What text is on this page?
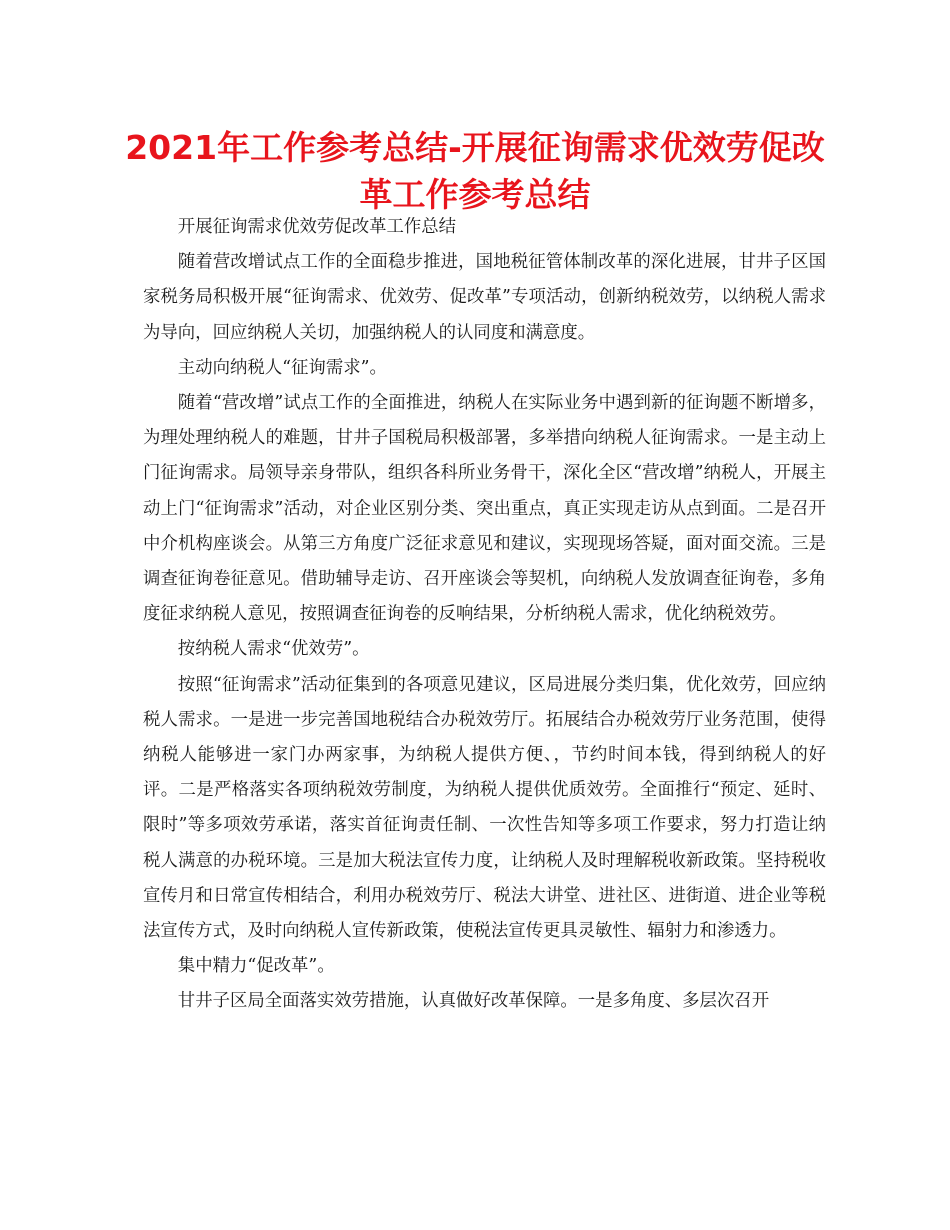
2021年工作参考总结-开展征询需求优效劳促改革工作参考总结

开展征询需求优效劳促改革工作总结

随着营改增试点工作的全面稳步推进，国地税征管体制改革的深化进展，甘井子区国家税务局积极开展“征询需求、优效劳、促改革”专项活动，创新纳税效劳，以纳税人需求为导向，回应纳税人关切，加强纳税人的认同度和满意度。

主动向纳税人“征询需求”。

随着“营改增”试点工作的全面推进，纳税人在实际业务中遇到新的征询题不断增多，为理处理纳税人的难题，甘井子国税局积极部署，多举措向纳税人征询需求。一是主动上门征询需求。局领导亲身带队，组织各科所业务骨干，深化全区“营改增”纳税人，开展主动上门“征询需求”活动，对企业区别分类、突出重点，真正实现走访从点到面。二是召开中介机构座谈会。从第三方角度广泛征求意见和建议，实现现场答疑，面对面交流。三是调查征询卷征意见。借助辅导走访、召开座谈会等契机，向纳税人发放调查征询卷，多角度征求纳税人意见，按照调查征询卷的反响结果，分析纳税人需求，优化纳税效劳。

按纳税人需求“优效劳”。

按照“征询需求”活动征集到的各项意见建议，区局进展分类归集，优化效劳，回应纳税人需求。一是进一步完善国地税结合办税效劳厅。拓展结合办税效劳厅业务范围，使得纳税人能够进一家门办两家事，为纳税人提供方便、，节约时间本钱，得到纳税人的好评。二是严格落实各项纳税效劳制度，为纳税人提供优质效劳。全面推行“预定、延时、限时”等多项效劳承诺，落实首征询责任制、一次性告知等多项工作要求，努力打造让纳税人满意的办税环境。三是加大税法宣传力度，让纳税人及时理解税收新政策。坚持税收宣传月和日常宣传相结合，利用办税效劳厅、税法大讲堂、进社区、进街道、进企业等税法宣传方式，及时向纳税人宣传新政策，使税法宣传更具灵敏性、辐射力和渗透力。

集中精力“促改革”。

甘井子区局全面落实效劳措施，认真做好改革保障。一是多角度、多层次召开
